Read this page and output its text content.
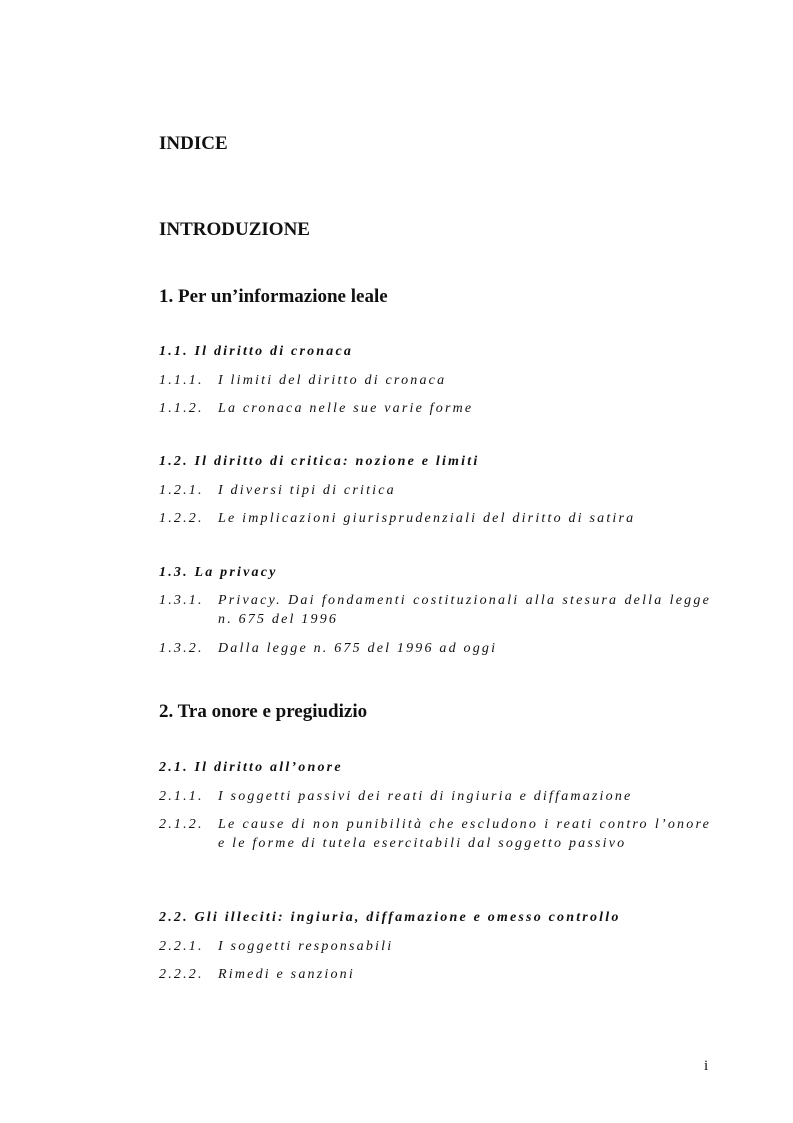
INDICE
INTRODUZIONE
1. Per un’informazione leale

1.1. Il diritto di cronaca

1.1.1.	I limiti del diritto di cronaca

1.1.2.	La cronaca nelle sue varie forme

1.2. Il diritto di critica: nozione e limiti

1.2.1.	I diversi tipi di critica

1.2.2.	Le implicazioni giurisprudenziali del diritto di satira

1.3. La privacy

1.3.1.	Privacy. Dai fondamenti costituzionali alla stesura della legge n. 675 del 1996

1.3.2.	Dalla legge n. 675 del 1996 ad oggi

2. Tra onore e pregiudizio

2.1. Il diritto all’onore

2.1.1.	I soggetti passivi dei reati di ingiuria e diffamazione

2.1.2.	Le cause di non punibilità che escludono i reati contro l’onore e le forme di tutela esercitabili dal soggetto passivo

2.2. Gli illeciti: ingiuria, diffamazione e omesso controllo

2.2.1.	I soggetti responsabili

2.2.2.	Rimedi e sanzioni

i
